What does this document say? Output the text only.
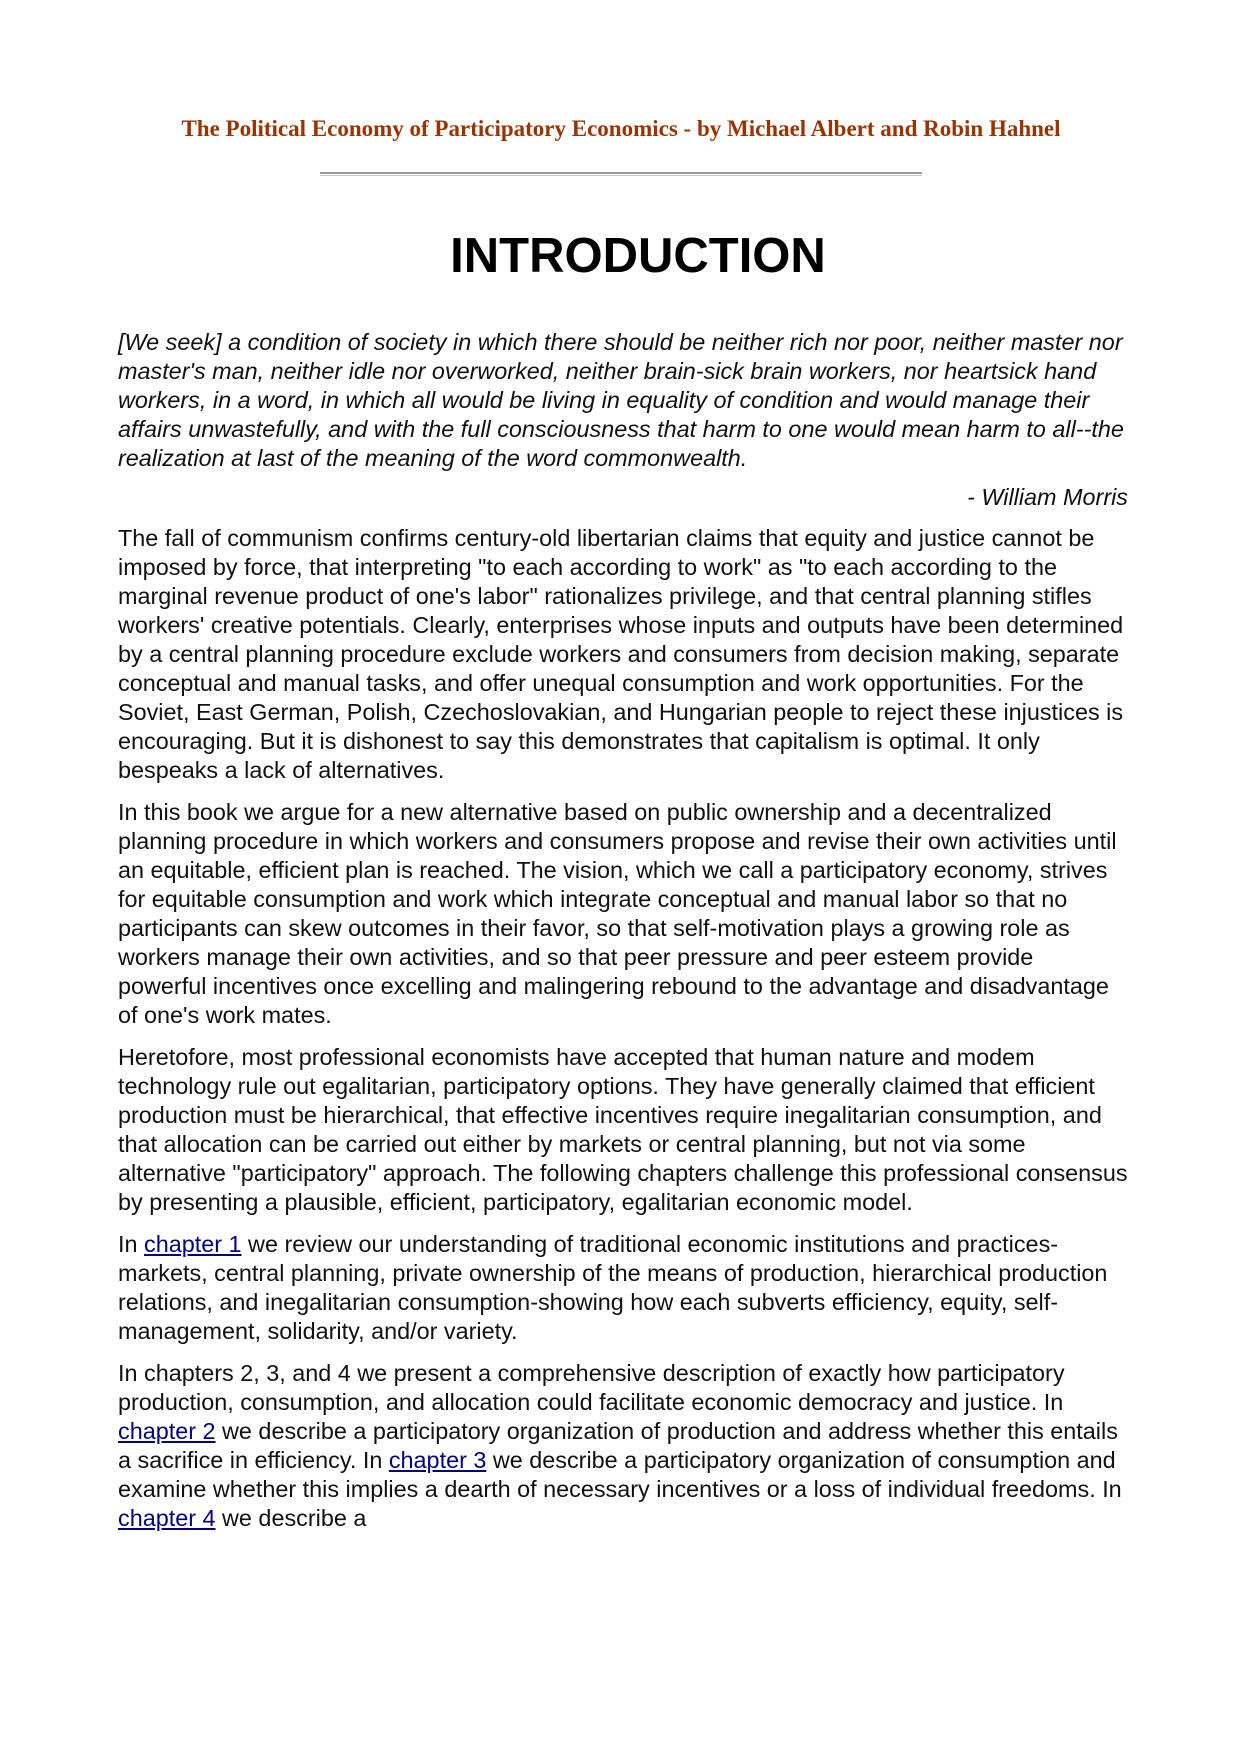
The Political Economy of Participatory Economics - by Michael Albert and Robin Hahnel
INTRODUCTION

[We seek] a condition of society in which there should be neither rich nor poor, neither master nor master's man, neither idle nor overworked, neither brain-sick brain workers, nor heartsick hand workers, in a word, in which all would be living in equality of condition and would manage their affairs unwastefully, and with the full consciousness that harm to one would mean harm to all--the realization at last of the meaning of the word commonwealth.

- William Morris

The fall of communism confirms century-old libertarian claims that equity and justice cannot be imposed by force, that interpreting "to each according to work" as "to each according to the marginal revenue product of one's labor" rationalizes privilege, and that central planning stifles workers' creative potentials. Clearly, enterprises whose inputs and outputs have been determined by a central planning procedure exclude workers and consumers from decision making, separate conceptual and manual tasks, and offer unequal consumption and work opportunities. For the Soviet, East German, Polish, Czechoslovakian, and Hungarian people to reject these injustices is encouraging. But it is dishonest to say this demonstrates that capitalism is optimal. It only bespeaks a lack of alternatives.

In this book we argue for a new alternative based on public ownership and a decentralized planning procedure in which workers and consumers propose and revise their own activities until an equitable, efficient plan is reached. The vision, which we call a participatory economy, strives for equitable consumption and work which integrate conceptual and manual labor so that no participants can skew outcomes in their favor, so that self-motivation plays a growing role as workers manage their own activities, and so that peer pressure and peer esteem provide powerful incentives once excelling and malingering rebound to the advantage and disadvantage of one's work mates.

Heretofore, most professional economists have accepted that human nature and modem technology rule out egalitarian, participatory options. They have generally claimed that efficient production must be hierarchical, that effective incentives require inegalitarian consumption, and that allocation can be carried out either by markets or central planning, but not via some alternative "participatory" approach. The following chapters challenge this professional consensus by presenting a plausible, efficient, participatory, egalitarian economic model.

In chapter 1 we review our understanding of traditional economic institutions and practices-markets, central planning, private ownership of the means of production, hierarchical production relations, and inegalitarian consumption-showing how each subverts efficiency, equity, self-management, solidarity, and/or variety.

In chapters 2, 3, and 4 we present a comprehensive description of exactly how participatory production, consumption, and allocation could facilitate economic democracy and justice. In chapter 2 we describe a participatory organization of production and address whether this entails a sacrifice in efficiency. In chapter 3 we describe a participatory organization of consumption and examine whether this implies a dearth of necessary incentives or a loss of individual freedoms. In chapter 4 we describe a
